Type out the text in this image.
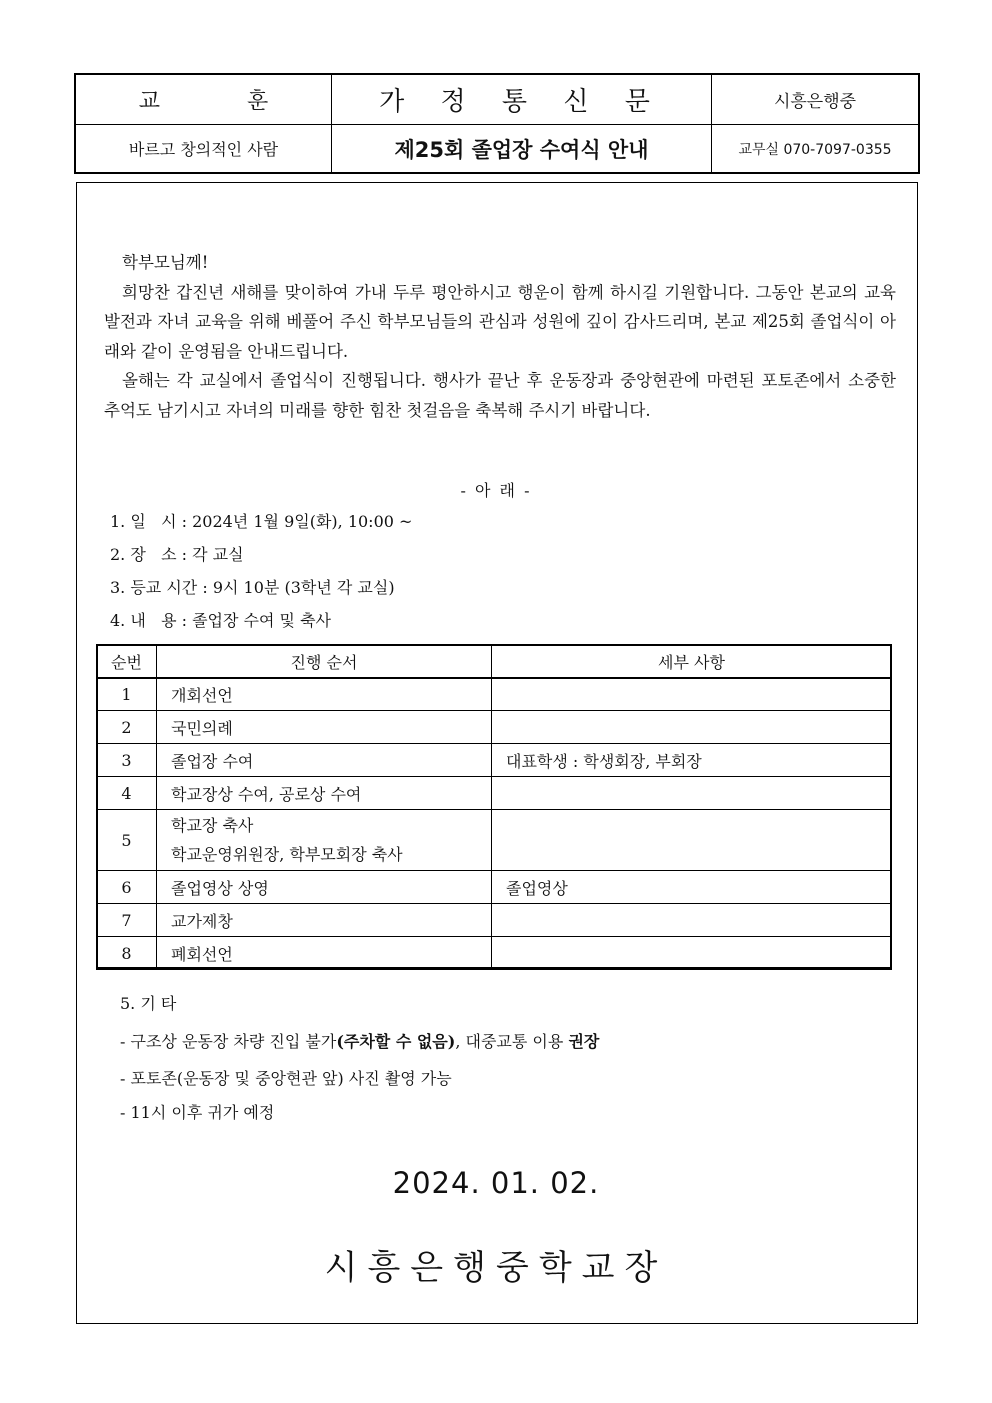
교 훈	가 정 통 신 문	시흥은행중
바르고 창의적인 사람	제25회 졸업장 수여식 안내	교무실 070-7097-0355

학부모님께!

희망찬 갑진년 새해를 맞이하여 가내 두루 평안하시고 행운이 함께 하시길 기원합니다. 그동안 본교의 교육 발전과 자녀 교육을 위해 베풀어 주신 학부모님들의 관심과 성원에 깊이 감사드리며, 본교 제25회 졸업식이 아래와 같이 운영됨을 안내드립니다.

올해는 각 교실에서 졸업식이 진행됩니다. 행사가 끝난 후 운동장과 중앙현관에 마련된 포토존에서 소중한 추억도 남기시고 자녀의 미래를 향한 힘찬 첫걸음을 축복해 주시기 바랍니다.

- 아 래 -
1. 일   시 : 2024년 1월 9일(화), 10:00 ~
2. 장   소 : 각 교실
3. 등교 시간 : 9시 10분 (3학년 각 교실)
4. 내   용 : 졸업장 수여 및 축사
순번	진행 순서	세부 사항
1	개회선언	
2	국민의례	
3	졸업장 수여	대표학생 : 학생회장, 부회장
4	학교장상 수여, 공로상 수여	
5	학교장 축사
학교운영위원장, 학부모회장 축사	

6	졸업영상 상영	졸업영상
7	교가제창	
8	폐회선언	
5. 기 타
- 구조상 운동장 차량 진입 불가(주차할 수 없음), 대중교통 이용 권장
- 포토존(운동장 및 중앙현관 앞) 사진 촬영 가능
- 11시 이후 귀가 예정
2024. 01. 02.
시흥은행중학교장
